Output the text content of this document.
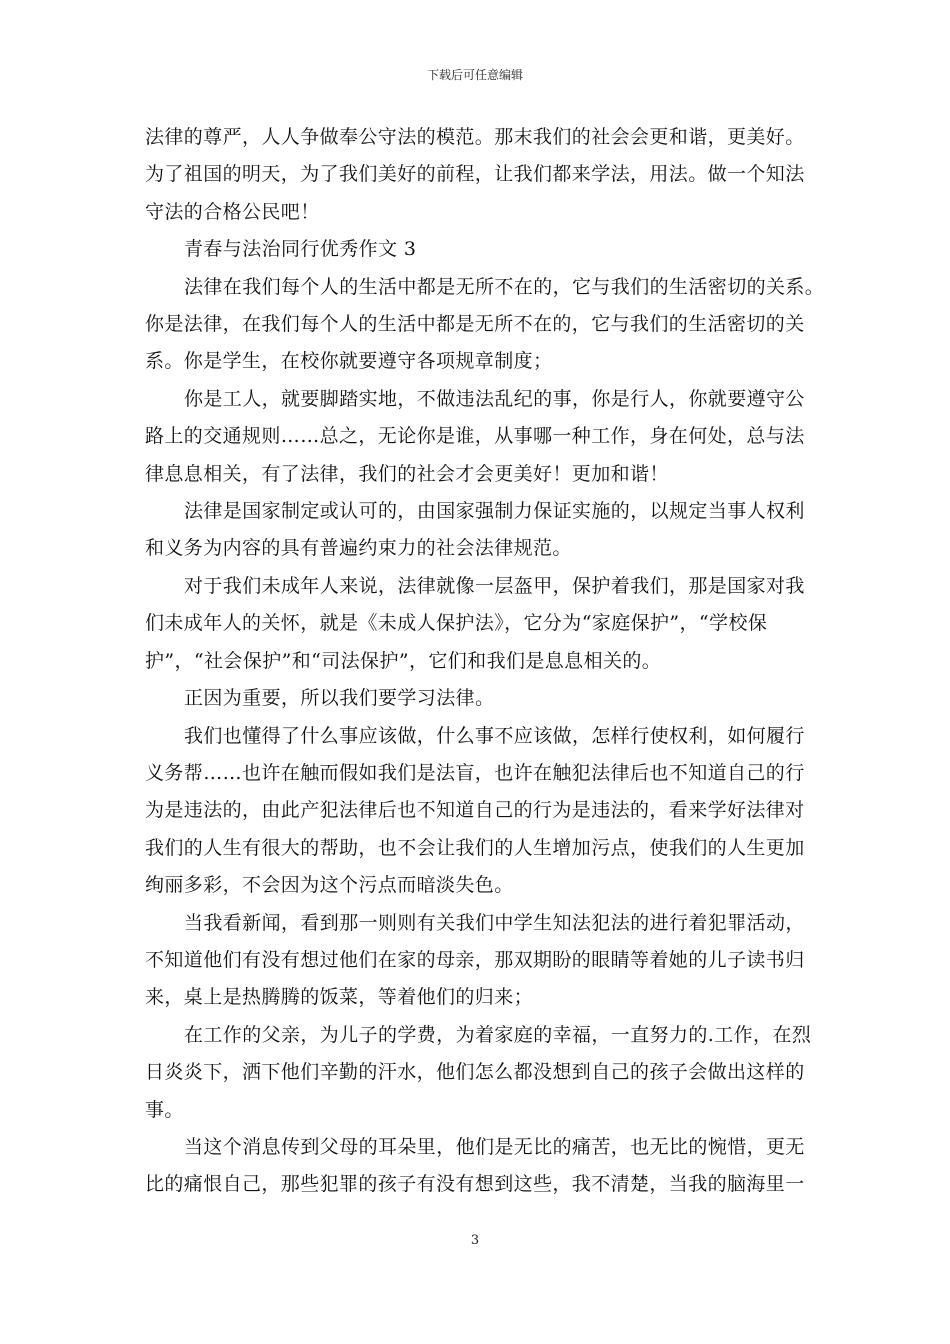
下载后可任意编辑
法律的尊严，人人争做奉公守法的模范。那末我们的社会会更和谐，更美好。
为了祖国的明天，为了我们美好的前程，让我们都来学法，用法。做一个知法
守法的合格公民吧！
青春与法治同行优秀作文 3
法律在我们每个人的生活中都是无所不在的，它与我们的生活密切的关系。
你是法律，在我们每个人的生活中都是无所不在的，它与我们的生活密切的关
系。你是学生，在校你就要遵守各项规章制度；
你是工人，就要脚踏实地，不做违法乱纪的事，你是行人，你就要遵守公
路上的交通规则……总之，无论你是谁，从事哪一种工作，身在何处，总与法
律息息相关，有了法律，我们的社会才会更美好！更加和谐！
法律是国家制定或认可的，由国家强制力保证实施的，以规定当事人权利
和义务为内容的具有普遍约束力的社会法律规范。
对于我们未成年人来说，法律就像一层盔甲，保护着我们，那是国家对我
们未成年人的关怀，就是《未成人保护法》，它分为“家庭保护”，“学校保
护”，“社会保护”和“司法保护”，它们和我们是息息相关的。
正因为重要，所以我们要学习法律。
我们也懂得了什么事应该做，什么事不应该做，怎样行使权利，如何履行
义务帮……也许在触而假如我们是法盲，也许在触犯法律后也不知道自己的行
为是违法的，由此产犯法律后也不知道自己的行为是违法的，看来学好法律对
我们的人生有很大的帮助，也不会让我们的人生增加污点，使我们的人生更加
绚丽多彩，不会因为这个污点而暗淡失色。
当我看新闻，看到那一则则有关我们中学生知法犯法的进行着犯罪活动，
不知道他们有没有想过他们在家的母亲，那双期盼的眼睛等着她的儿子读书归
来，桌上是热腾腾的饭菜，等着他们的归来；
在工作的父亲，为儿子的学费，为着家庭的幸福，一直努力的.工作，在烈
日炎炎下，洒下他们辛勤的汗水，他们怎么都没想到自己的孩子会做出这样的
事。
当这个消息传到父母的耳朵里，他们是无比的痛苦，也无比的惋惜，更无
比的痛恨自己，那些犯罪的孩子有没有想到这些，我不清楚，当我的脑海里一
3
